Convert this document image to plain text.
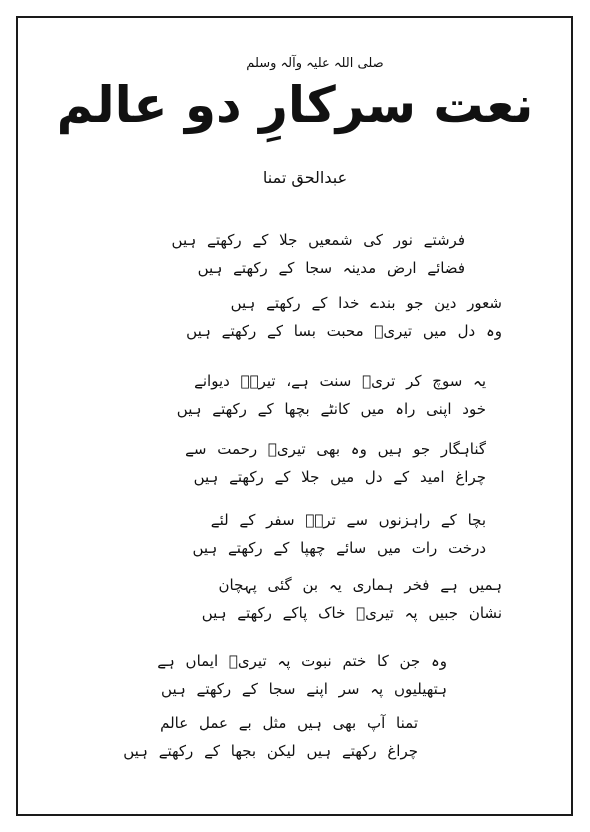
صلی اللہ علیہ وآلہ وسلم
نعت سرکارِ دو عالم
عبدالحق تمنا
فرشتے نور کی شمعیں جلا کے رکھتے ہیں
فضائے ارض مدینہ سجا کے رکھتے ہیں
شعور دین جو بندے خدا کے رکھتے ہیں
وہ دل میں تیریؐ محبت بسا کے رکھتے ہیں
یہ سوچ کر تریؐ سنت ہے، تیرےؐ دیوانے
خود اپنی راہ میں کانٹے بچھا کے رکھتے ہیں
گناہگار جو ہیں وہ بھی تیریؐ رحمت سے
چراغ امید کے دل میں جلا کے رکھتے ہیں
بچا کے راہزنوں سے ترےؐ سفر کے لئے
درخت رات میں سائے چھپا کے رکھتے ہیں
ہمیں ہے فخر ہماری یہ بن گئی پہچان
نشان جبیں پہ تیریؐ خاک پاکے رکھتے ہیں
وہ جن کا ختم نبوت پہ تیریؐ ایماں ہے
ہتھیلیوں پہ سر اپنے سجا کے رکھتے ہیں
تمنا آپ بھی ہیں مثل بے عمل عالم
چراغ رکھتے ہیں لیکن بجھا کے رکھتے ہیں
